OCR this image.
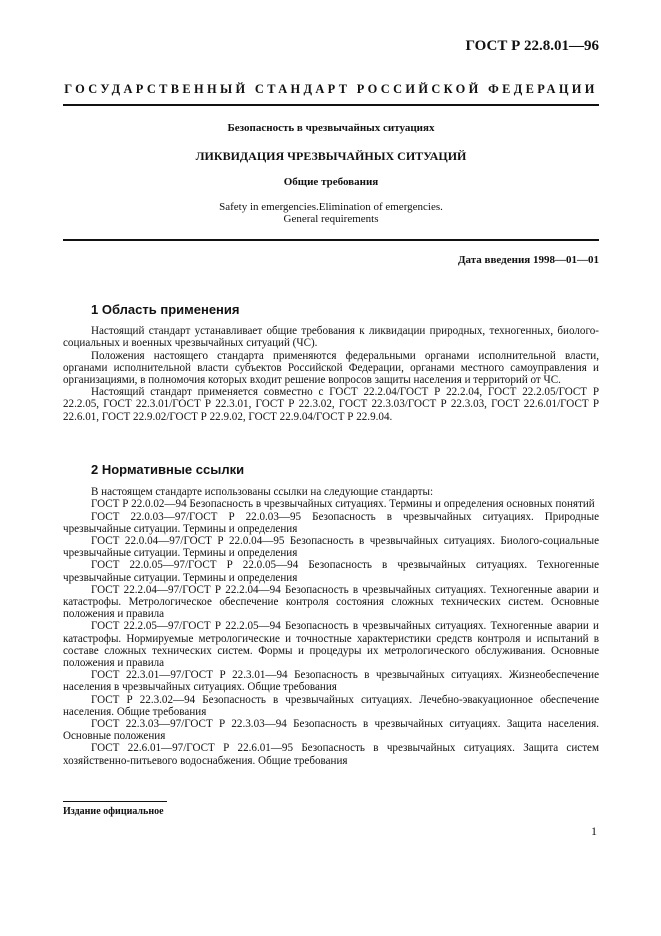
ГОСТ Р 22.8.01—96
ГОСУДАРСТВЕННЫЙ СТАНДАРТ РОССИЙСКОЙ ФЕДЕРАЦИИ
Безопасность в чрезвычайных ситуациях
ЛИКВИДАЦИЯ ЧРЕЗВЫЧАЙНЫХ СИТУАЦИЙ
Общие требования
Safety in emergencies.Elimination of emergencies.
General requirements
Дата введения 1998—01—01

1 Область применения

Настоящий стандарт устанавливает общие требования к ликвидации природных, техногенных, биолого-социальных и военных чрезвычайных ситуаций (ЧС).

Положения настоящего стандарта применяются федеральными органами исполнительной власти, органами исполнительной власти субъектов Российской Федерации, органами местного самоуправления и организациями, в полномочия которых входит решение вопросов защиты населения и территорий от ЧС.

Настоящий стандарт применяется совместно с ГОСТ 22.2.04/ГОСТ Р 22.2.04, ГОСТ 22.2.05/ГОСТ Р 22.2.05, ГОСТ 22.3.01/ГОСТ Р 22.3.01, ГОСТ Р 22.3.02, ГОСТ 22.3.03/ГОСТ Р 22.3.03, ГОСТ 22.6.01/ГОСТ Р 22.6.01, ГОСТ 22.9.02/ГОСТ Р 22.9.02, ГОСТ 22.9.04/ГОСТ Р 22.9.04.

2 Нормативные ссылки

В настоящем стандарте использованы ссылки на следующие стандарты:

ГОСТ Р 22.0.02—94 Безопасность в чрезвычайных ситуациях. Термины и определения основных понятий

ГОСТ 22.0.03—97/ГОСТ Р 22.0.03—95 Безопасность в чрезвычайных ситуациях. Природные чрезвычайные ситуации. Термины и определения

ГОСТ 22.0.04—97/ГОСТ Р 22.0.04—95 Безопасность в чрезвычайных ситуациях. Биолого-социальные чрезвычайные ситуации. Термины и определения

ГОСТ 22.0.05—97/ГОСТ Р 22.0.05—94 Безопасность в чрезвычайных ситуациях. Техногенные чрезвычайные ситуации. Термины и определения

ГОСТ 22.2.04—97/ГОСТ Р 22.2.04—94 Безопасность в чрезвычайных ситуациях. Техногенные аварии и катастрофы. Метрологическое обеспечение контроля состояния сложных технических систем. Основные положения и правила

ГОСТ 22.2.05—97/ГОСТ Р 22.2.05—94 Безопасность в чрезвычайных ситуациях. Техногенные аварии и катастрофы. Нормируемые метрологические и точностные характеристики средств контроля и испытаний в составе сложных технических систем. Формы и процедуры их метрологического обслуживания. Основные положения и правила

ГОСТ 22.3.01—97/ГОСТ Р 22.3.01—94 Безопасность в чрезвычайных ситуациях. Жизнеобеспечение населения в чрезвычайных ситуациях. Общие требования

ГОСТ Р 22.3.02—94 Безопасность в чрезвычайных ситуациях. Лечебно-эвакуационное обеспечение населения. Общие требования

ГОСТ 22.3.03—97/ГОСТ Р 22.3.03—94 Безопасность в чрезвычайных ситуациях. Защита населения. Основные положения

ГОСТ 22.6.01—97/ГОСТ Р 22.6.01—95 Безопасность в чрезвычайных ситуациях. Защита систем хозяйственно-питьевого водоснабжения. Общие требования

Издание официальное
1
